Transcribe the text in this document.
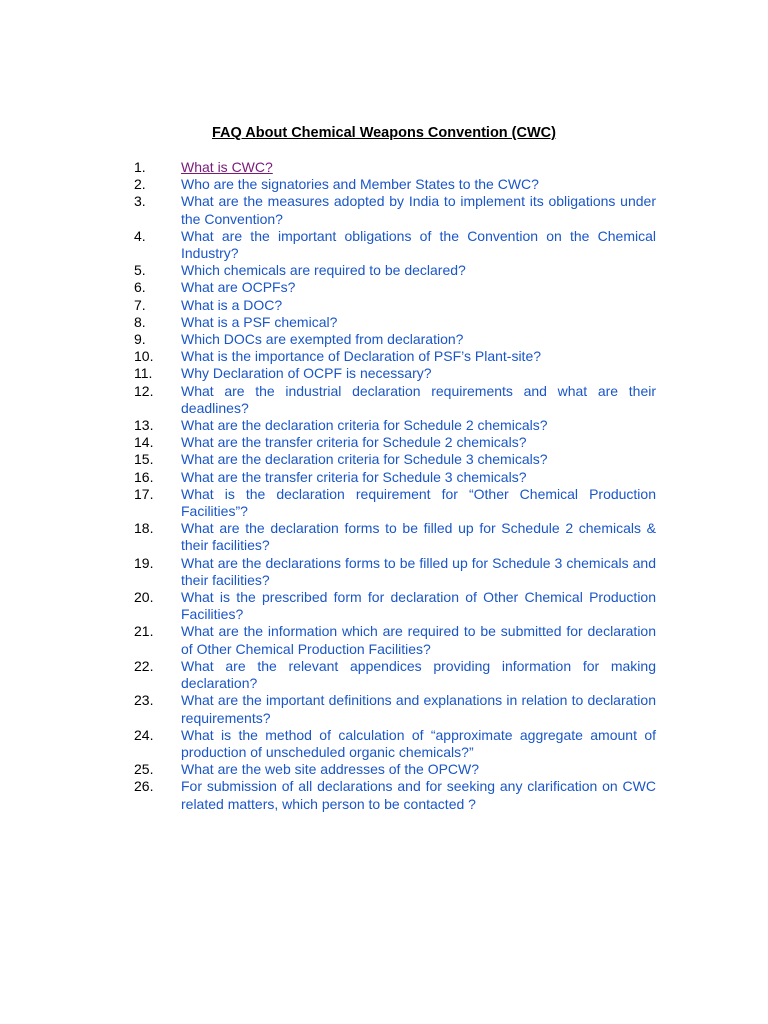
FAQ About Chemical Weapons Convention (CWC)
1.	What is CWC?
2.	Who are the signatories and Member States to the CWC?
3.	What are the measures adopted by India to implement its obligations under the Convention?
4.	What are the important obligations of the Convention on the Chemical Industry?
5.	Which chemicals are required to be declared?
6.	What are OCPFs?
7.	What is a DOC?
8.	What is a PSF chemical?
9.	Which DOCs are exempted from declaration?
10.	What is the importance of Declaration of PSF’s Plant-site?
11.	Why Declaration of OCPF is necessary?
12.	What are the industrial declaration requirements and what are their deadlines?
13.	What are the declaration criteria for Schedule 2 chemicals?
14.	What are the transfer criteria for Schedule 2 chemicals?
15.	What are the declaration criteria for Schedule 3 chemicals?
16.	What are the transfer criteria for Schedule 3 chemicals?
17.	What is the declaration requirement for “Other Chemical Production Facilities”?
18.	What are the declaration forms to be filled up for Schedule 2 chemicals & their facilities?
19.	What are the declarations forms to be filled up for Schedule 3 chemicals and their facilities?
20.	What is the prescribed form for declaration of Other Chemical Production Facilities?
21.	What are the information which are required to be submitted for declaration of Other Chemical Production Facilities?
22.	What are the relevant appendices providing information for making declaration?
23.	What are the important definitions and explanations in relation to declaration requirements?
24.	What is the method of calculation of “approximate aggregate amount of production of unscheduled organic chemicals?”
25.	What are the web site addresses of the OPCW?
26.	For submission of all declarations and for seeking any clarification on CWC related matters, which person to be contacted ?
